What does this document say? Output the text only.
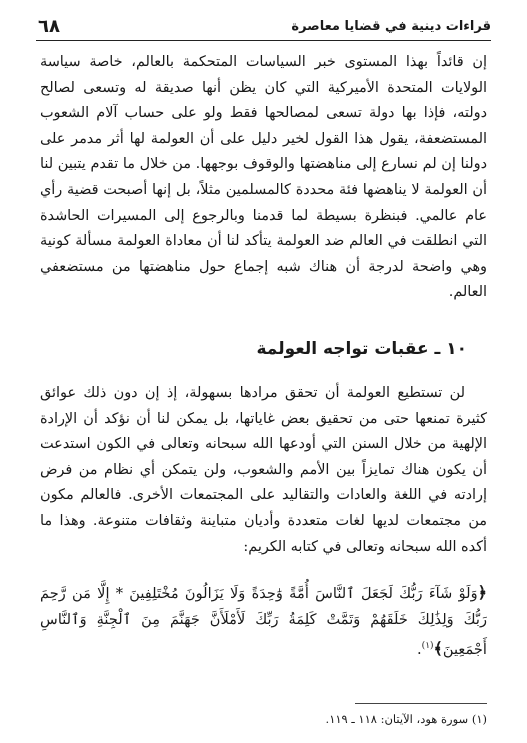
قراءات دينية في قضايا معاصرة
٦٨

إن قائداً بهذا المستوى خبر السياسات المتحكمة بالعالم، خاصة سياسة الولايات المتحدة الأميركية التي كان يظن أنها صديقة له وتسعى لصالح دولته، فإذا بها دولة تسعى لمصالحها فقط ولو على حساب آلام الشعوب المستضعفة، يقول هذا القول لخير دليل على أن العولمة لها أثر مدمر على دولنا إن لم نسارع إلى مناهضتها والوقوف بوجهها. من خلال ما تقدم يتبين لنا أن العولمة لا يناهضها فئة محددة كالمسلمين مثلاً، بل إنها أصبحت قضية رأي عام عالمي. فبنظرة بسيطة لما قدمنا وبالرجوع إلى المسيرات الحاشدة التي انطلقت في العالم ضد العولمة يتأكد لنا أن معاداة العولمة مسألة كونية وهي واضحة لدرجة أن هناك شبه إجماع حول مناهضتها من مستضعفي العالم.

١٠ ـ عقبات تواجه العولمة

لن تستطيع العولمة أن تحقق مرادها بسهولة، إذ إن دون ذلك عوائق كثيرة تمنعها حتى من تحقيق بعض غاياتها، بل يمكن لنا أن نؤكد أن الإرادة الإلهية من خلال السنن التي أودعها الله سبحانه وتعالى في الكون استدعت أن يكون هناك تمايزاً بين الأمم والشعوب، ولن يتمكن أي نظام من فرض إرادته في اللغة والعادات والتقاليد على المجتمعات الأخرى. فالعالم مكون من مجتمعات لديها لغات متعددة وأديان متباينة وثقافات متنوعة. وهذا ما أكده الله سبحانه وتعالى في كتابه الكريم:

﴿وَلَوْ شَآءَ رَبُّكَ لَجَعَلَ ٱلنَّاسَ أُمَّةً وَٰحِدَةً وَلَا يَزَالُونَ مُخْتَلِفِينَ * إِلَّا مَن رَّحِمَ رَبُّكَ وَلِذَٰلِكَ خَلَقَهُمْ وَتَمَّتْ كَلِمَةُ رَبِّكَ لَأَمْلَأَنَّ جَهَنَّمَ مِنَ ٱلْجِنَّةِ وَٱلنَّاسِ أَجْمَعِينَ﴾$^{(١)}$.
(١) سورة هود، الآيتان: ١١٨ ـ ١١٩.
